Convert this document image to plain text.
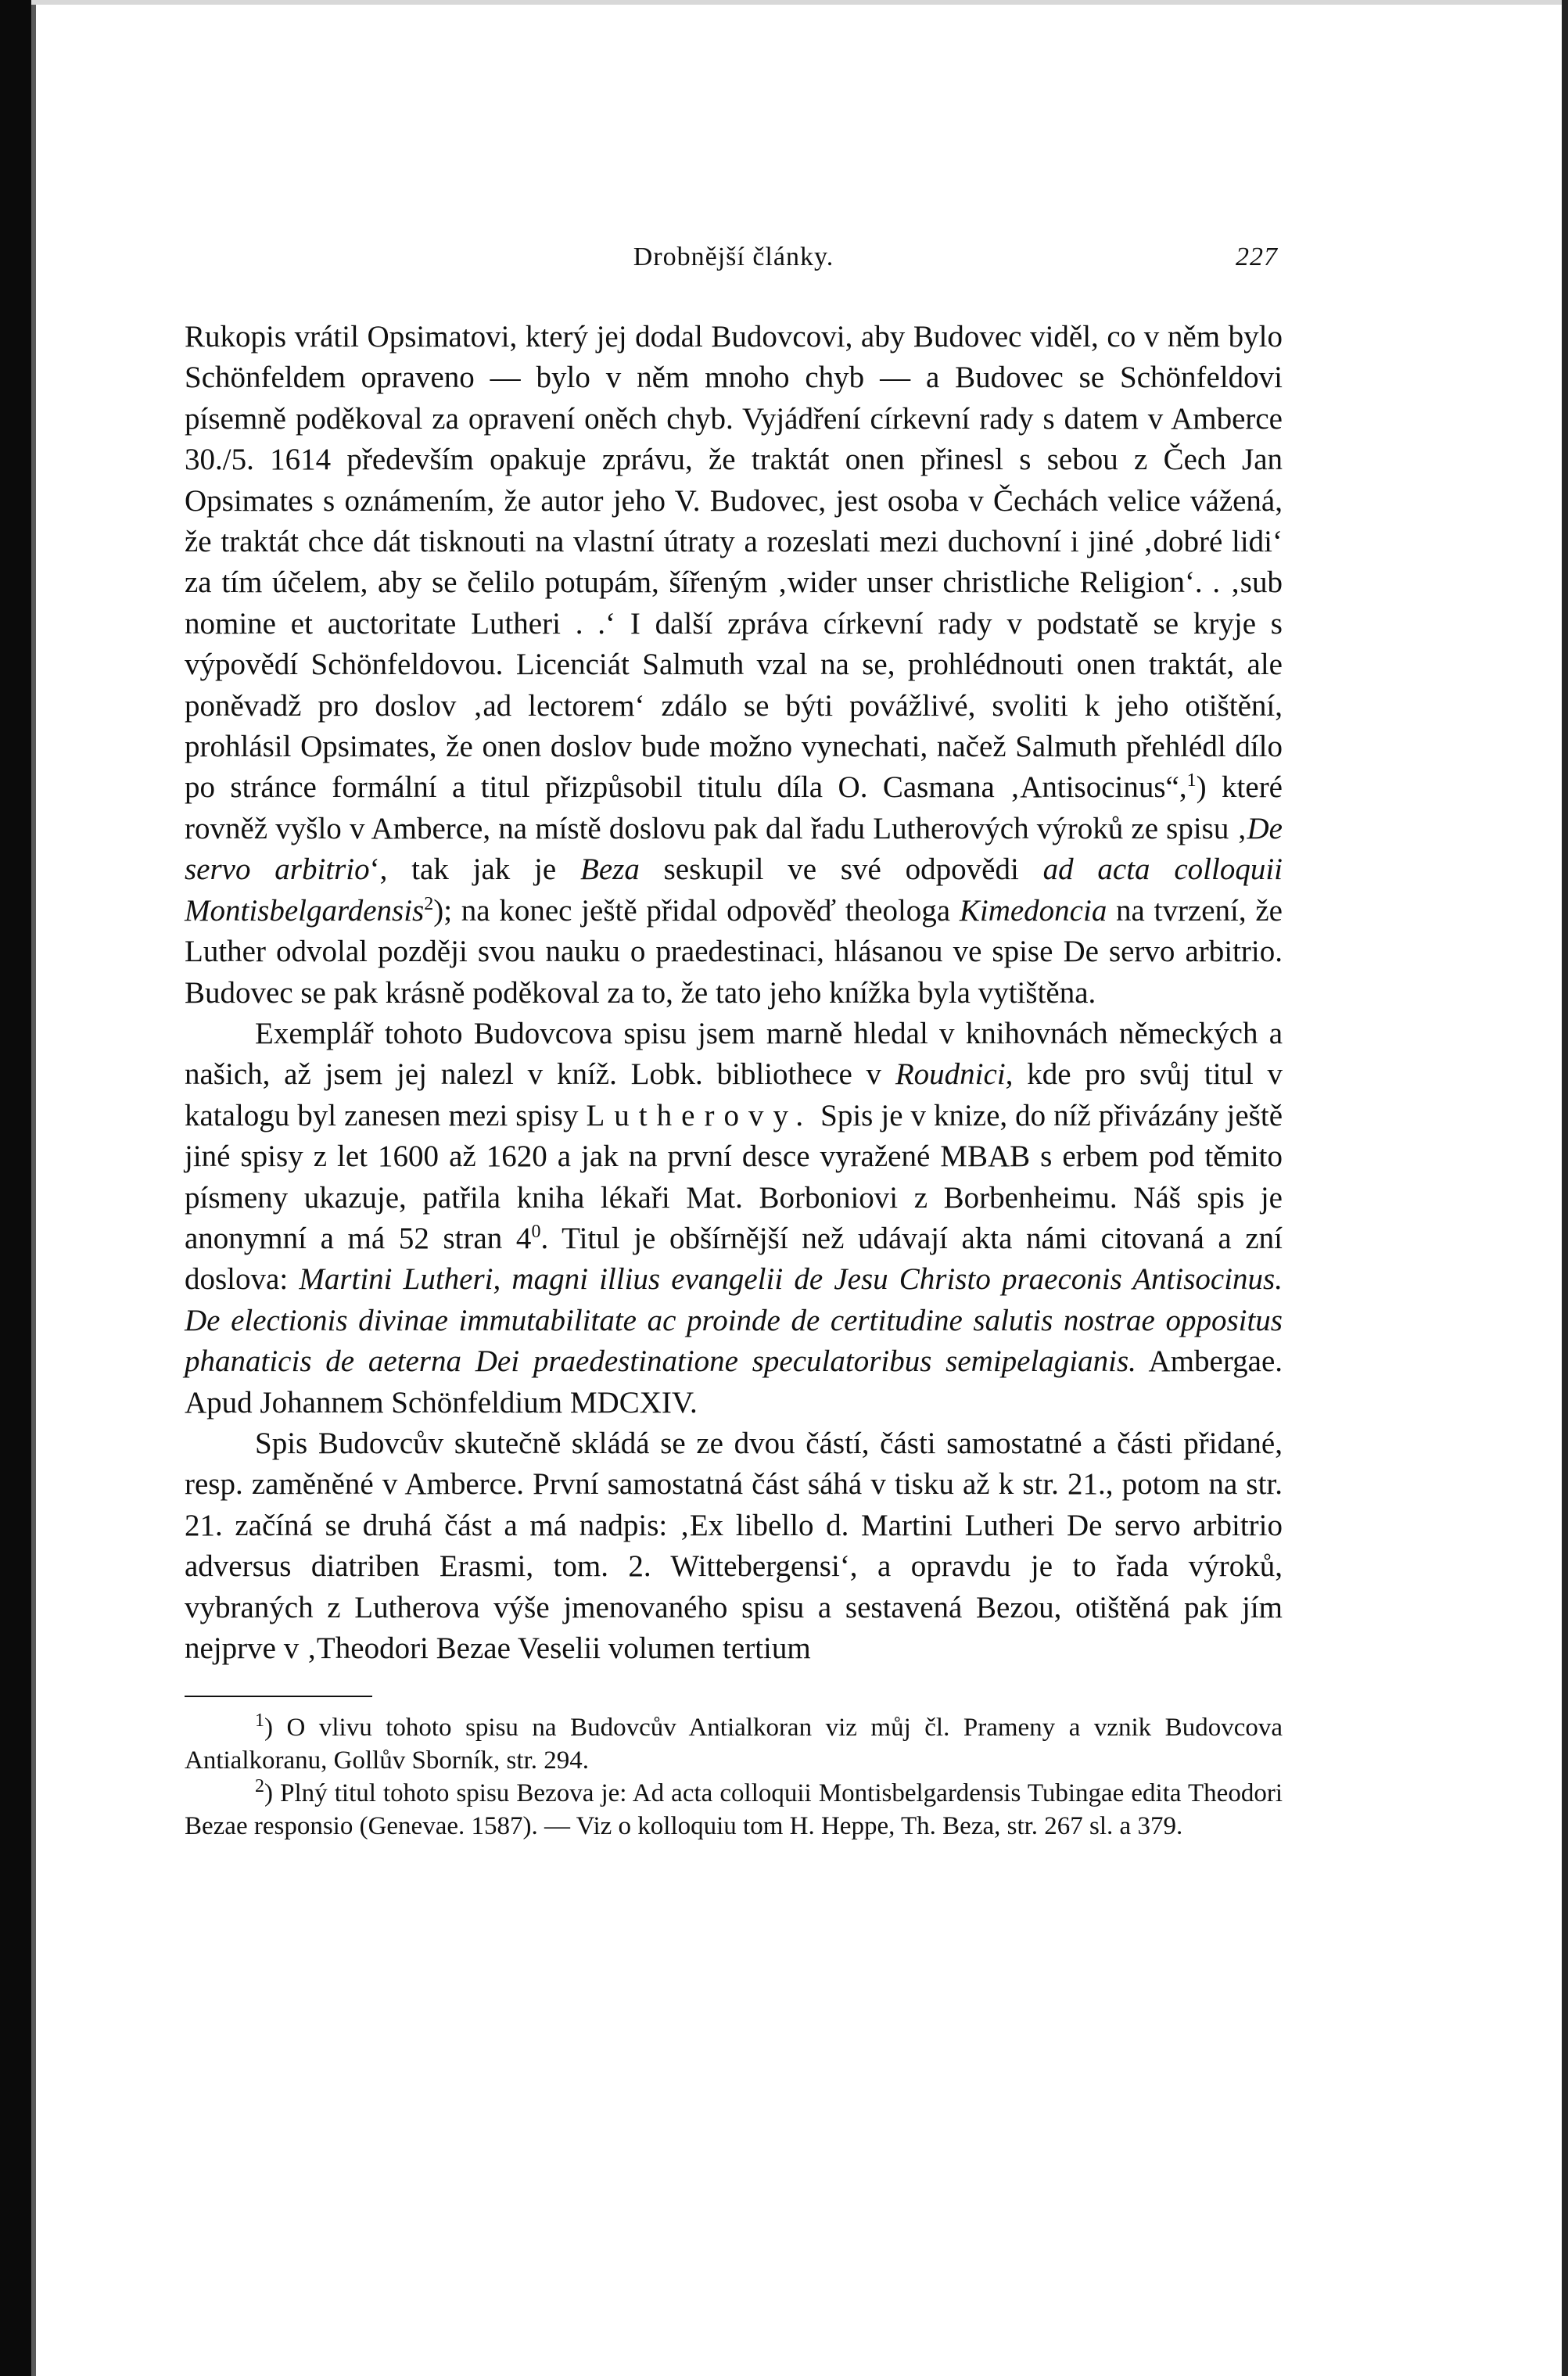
Drobnější články.	227

Rukopis vrátil Opsimatovi, který jej dodal Budovcovi, aby Budovec viděl, co v něm bylo Schönfeldem opraveno — bylo v něm mnoho chyb — a Budovec se Schönfeldovi písemně poděkoval za opravení oněch chyb. Vyjádření církevní rady s datem v Amberce 30./5. 1614 především opakuje zprávu, že traktát onen přinesl s sebou z Čech Jan Opsimates s oznámením, že autor jeho V. Budovec, jest osoba v Čechách velice vážená, že traktát chce dát tisknouti na vlastní útraty a rozeslati mezi duchovní i jiné ‚dobré lidi‘ za tím účelem, aby se čelilo potupám, šířeným ‚wider unser christliche Religion‘. . ‚sub nomine et auctoritate Lutheri . .‘ I další zpráva církevní rady v podstatě se kryje s výpovědí Schönfeldovou. Licenciát Salmuth vzal na se, prohlédnouti onen traktát, ale poněvadž pro doslov ‚ad lectorem‘ zdálo se býti povážlivé, svoliti k jeho otištění, prohlásil Opsimates, že onen doslov bude možno vynechati, načež Salmuth přehlédl dílo po stránce formální a titul přizpůsobil titulu díla O. Casmana ‚Antisocinus“,$^1$) které rovněž vyšlo v Amberce, na místě doslovu pak dal řadu Lutherových výroků ze spisu ‚De servo arbitrio‘, tak jak je Beza seskupil ve své odpovědi ad acta colloquii Montisbelgardensis$^2$); na konec ještě přidal odpověď theologa Kimedoncia na tvrzení, že Luther odvolal později svou nauku o praedestinaci, hlásanou ve spise De servo arbitrio. Budovec se pak krásně poděkoval za to, že tato jeho knížka byla vytištěna.

Exemplář tohoto Budovcova spisu jsem marně hledal v knihovnách německých a našich, až jsem jej nalezl v kníž. Lobk. bibliothece v Roudnici, kde pro svůj titul v katalogu byl zanesen mezi spisy Lutherovy. Spis je v knize, do níž přivázány ještě jiné spisy z let 1600 až 1620 a jak na první desce vyražené MBAB s erbem pod těmito písmeny ukazuje, patřila kniha lékaři Mat. Borboniovi z Borbenheimu. Náš spis je anonymní a má 52 stran $4^0$. Titul je obšírnější než udávají akta námi citovaná a zní doslova: Martini Lutheri, magni illius evangelii de Jesu Christo praeconis Antisocinus. De electionis divinae immutabilitate ac proinde de certitudine salutis nostrae oppositus phanaticis de aeterna Dei praedestinatione speculatoribus semipelagianis. Ambergae. Apud Johannem Schönfeldium MDCXIV.

Spis Budovcův skutečně skládá se ze dvou částí, části samostatné a části přidané, resp. zaměněné v Amberce. První samostatná část sáhá v tisku až k str. 21., potom na str. 21. začíná se druhá část a má nadpis: ‚Ex libello d. Martini Lutheri De servo arbitrio adversus diatriben Erasmi, tom. 2. Wittebergensi‘, a opravdu je to řada výroků, vybraných z Lutherova výše jmenovaného spisu a sestavená Bezou, otištěná pak jím nejprve v ‚Theodori Bezae Veselii volumen tertium

$^1$) O vlivu tohoto spisu na Budovcův Antialkoran viz můj čl. Prameny a vznik Budovcova Antialkoranu, Gollův Sborník, str. 294.

$^2$) Plný titul tohoto spisu Bezova je: Ad acta colloquii Montisbelgardensis Tubingae edita Theodori Bezae responsio (Genevae. 1587). — Viz o kolloquiu tom H. Heppe, Th. Beza, str. 267 sl. a 379.
